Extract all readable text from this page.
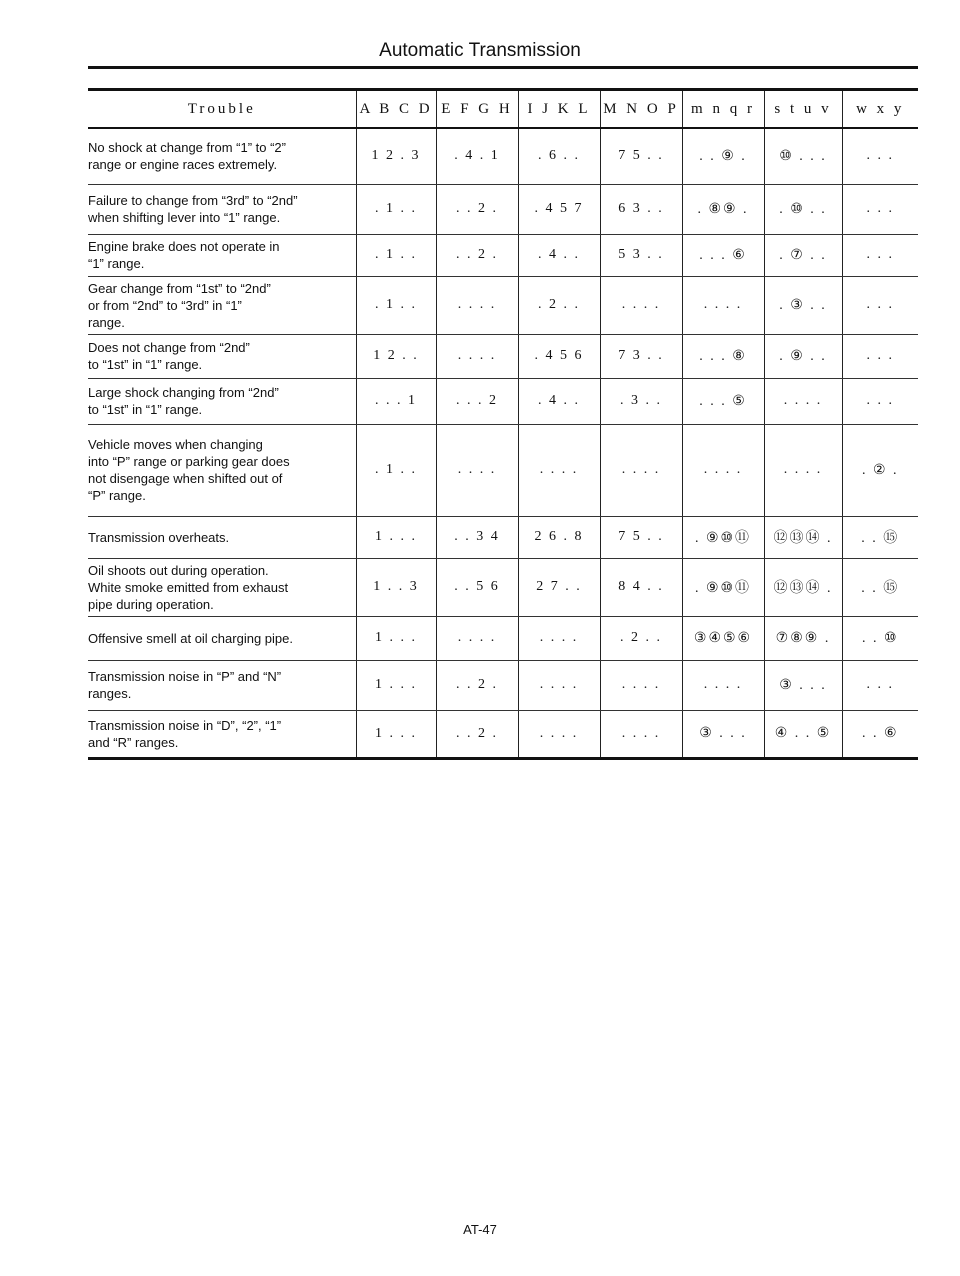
Automatic Transmission
Trouble	A B C D	E F G H	I J K L	M N O P	m n q r	s t u v	w x y

No shock at change from “1” to “2”
range or engine races extremely.	1 2 . 3	. 4 . 1	. 6 . .	7 5 . .	. . ⑨ .	⑩ . . .	. . .

Failure to change from “3rd” to “2nd”
when shifting lever into “1” range.	. 1 . .	. . 2 .	. 4 5 7	6 3 . .	. ⑧⑨ .	. ⑩ . .	. . .

Engine brake does not operate in
“1” range.	. 1 . .	. . 2 .	. 4 . .	5 3 . .	. . . ⑥	. ⑦ . .	. . .

Gear change from “1st” to “2nd”
or from “2nd” to “3rd” in “1”
range.	. 1 . .	. . . .	. 2 . .	. . . .	. . . .	. ③ . .	. . .

Does not change from “2nd”
to “1st” in “1” range.	1 2 . .	. . . .	. 4 5 6	7 3 . .	. . . ⑧	. ⑨ . .	. . .

Large shock changing from “2nd”
to “1st” in “1” range.	. . . 1	. . . 2	. 4 . .	. 3 . .	. . . ⑤	. . . .	. . .

Vehicle moves when changing
into “P” range or parking gear does
not disengage when shifted out of
“P” range.	. 1 . .	. . . .	. . . .	. . . .	. . . .	. . . .	. ② .

Transmission overheats.	1 . . .	. . 3 4	2 6 . 8	7 5 . .	. ⑨⑩⑪	⑫⑬⑭ .	. . ⑮

Oil shoots out during operation.
White smoke emitted from exhaust
pipe during operation.	1 . . 3	. . 5 6	2 7 . .	8 4 . .	. ⑨⑩⑪	⑫⑬⑭ .	. . ⑮

Offensive smell at oil charging pipe.	1 . . .	. . . .	. . . .	. 2 . .	③④⑤⑥	⑦⑧⑨ .	. . ⑩

Transmission noise in “P” and “N”
ranges.	1 . . .	. . 2 .	. . . .	. . . .	. . . .	③ . . .	. . .

Transmission noise in “D”, “2”, “1”
and “R” ranges.	1 . . .	. . 2 .	. . . .	. . . .	③ . . .	④ . . ⑤	. . ⑥
AT-47
